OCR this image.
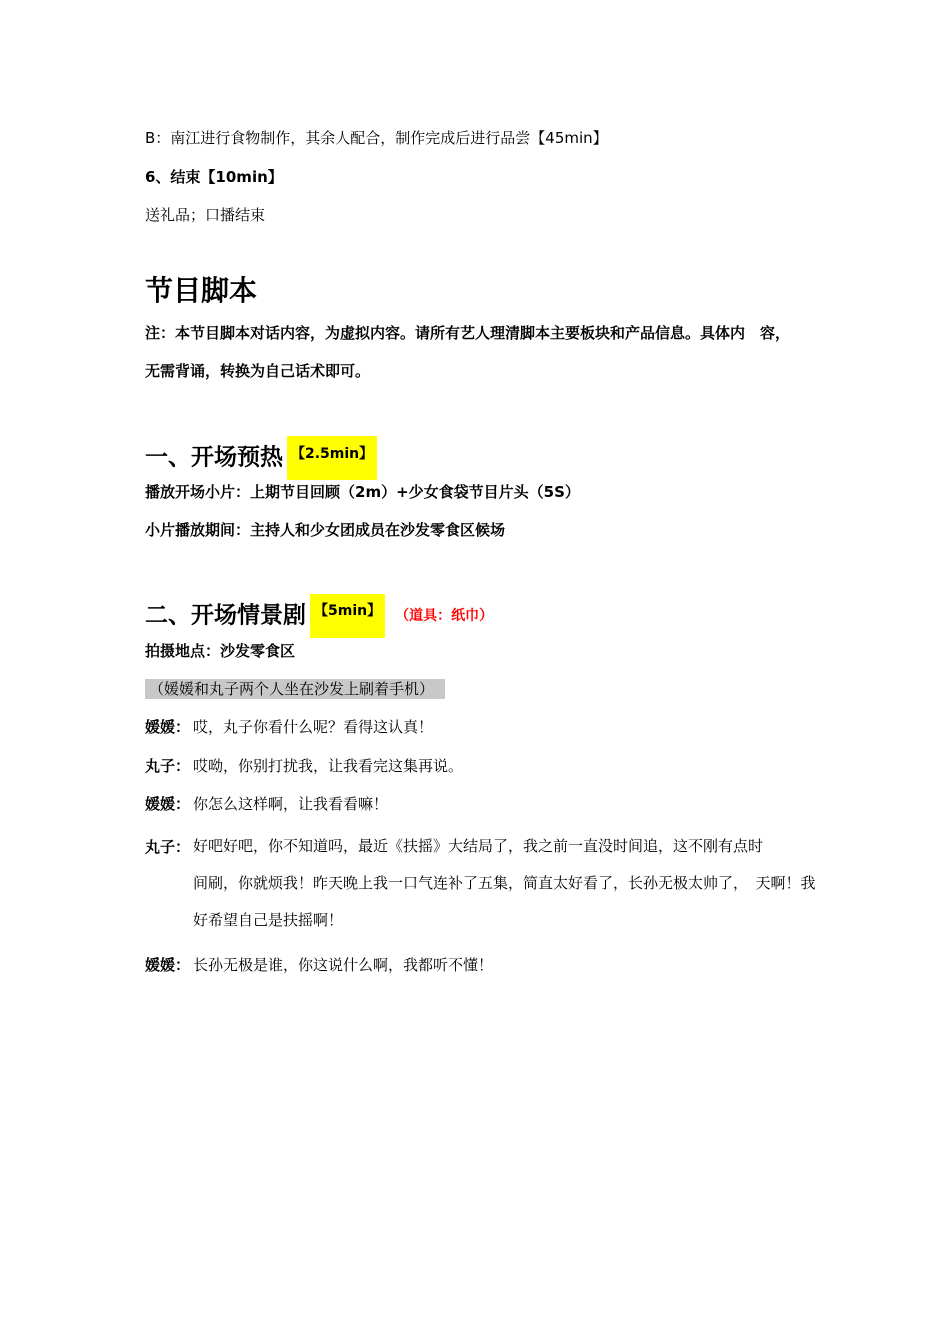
B：南江进行食物制作，其余人配合，制作完成后进行品尝【45min】
6、结束【10min】
送礼品；口播结束
节目脚本
注：本节目脚本对话内容，为虚拟内容。请所有艺人理清脚本主要板块和产品信息。具体内　容，
无需背诵，转换为自己话术即可。
一、开场预热 【2.5min】
播放开场小片：上期节目回顾（2m）+少女食袋节目片头（5S）
小片播放期间：主持人和少女团成员在沙发零食区候场
二、开场情景剧 【5min】 （道具：纸巾）
拍摄地点：沙发零食区
（媛媛和丸子两个人坐在沙发上刷着手机）
媛媛： 哎，丸子你看什么呢？看得这认真！
丸子： 哎呦，你别打扰我，让我看完这集再说。
媛媛： 你怎么这样啊，让我看看嘛！
丸子： 好吧好吧，你不知道吗，最近《扶摇》大结局了，我之前一直没时间追，这不刚有点时
间刷，你就烦我！昨天晚上我一口气连补了五集，简直太好看了，长孙无极太帅了，　天啊！我
好希望自己是扶摇啊！
媛媛： 长孙无极是谁，你这说什么啊，我都听不懂！
